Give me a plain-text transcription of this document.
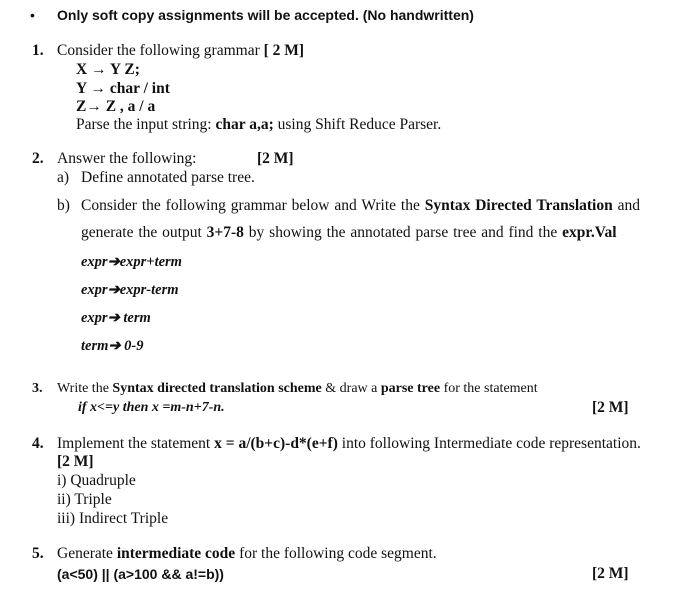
• Only soft copy assignments will be accepted. (No handwritten)
1. Consider the following grammar [ 2 M]
X → Y Z;
Y → char / int
Z→ Z , a / a
Parse the input string: char a,a; using Shift Reduce Parser.
2. Answer the following:	[2 M]
a) Define annotated parse tree.
b) Consider the following grammar below and Write the Syntax Directed Translation and
generate the output 3+7-8 by showing the annotated parse tree and find the expr.Val
expr➔expr+term
expr➔expr-term
expr➔ term
term➔ 0-9
3. Write the Syntax directed translation scheme & draw a parse tree for the statement
if x<=y then x =m-n+7-n.	[2 M]
4. Implement the statement x = a/(b+c)-d*(e+f) into following Intermediate code representation.
[2 M]
i) Quadruple
ii) Triple
iii) Indirect Triple
5. Generate intermediate code for the following code segment.
(a<50) || (a>100 && a!=b))	[2 M]
